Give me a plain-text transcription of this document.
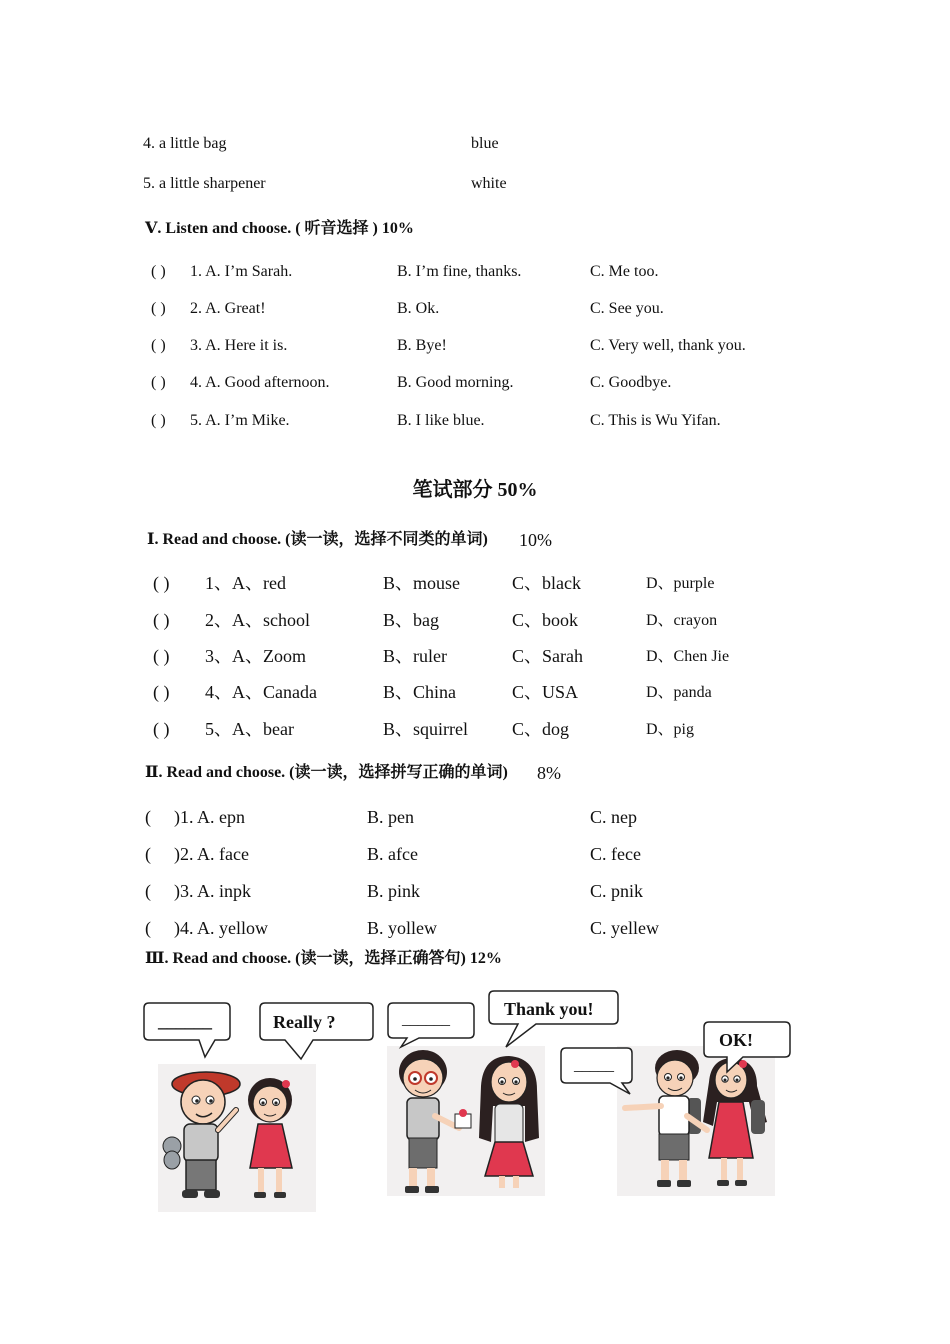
4. a little bag	blue
5. a little sharpener	white
Ⅴ. Listen and choose. ( 听音选择 ) 10%
( ) 1. A. I’m Sarah.	B. I’m fine, thanks.	C. Me too.
( ) 2. A. Great!	B. Ok.	C. See you.
( ) 3. A. Here it is.	B. Bye!	C. Very well, thank you.
( ) 4. A. Good afternoon.	B. Good morning.	C. Goodbye.
( ) 5. A. I’m Mike.	B. I like blue.	C. This is Wu Yifan.
笔试部分 50%
Ⅰ. Read and choose. (读一读，选择不同类的单词) 10%
( ) 1、A、red	B、mouse	C、black	D、purple
( ) 2、A、school	B、bag	C、book	D、crayon
( ) 3、A、Zoom	B、ruler	C、Sarah	D、Chen Jie
( ) 4、A、Canada	B、China	C、USA	D、panda
( ) 5、A、bear	B、squirrel C、dog	D、pig
Ⅱ. Read and choose. (读一读，选择拼写正确的单词) 8%
( )1. A. epn	B. pen	C. nep
( )2. A. face	B. afce	C. fece
( )3. A. inpk	B. pink	C. pnik
( )4. A. yellow	B. yollew	C. yellew
Ⅲ. Read and choose. (读一读，选择正确答句) 12%
______	Really ?	______
Thank you!
_____
OK!
